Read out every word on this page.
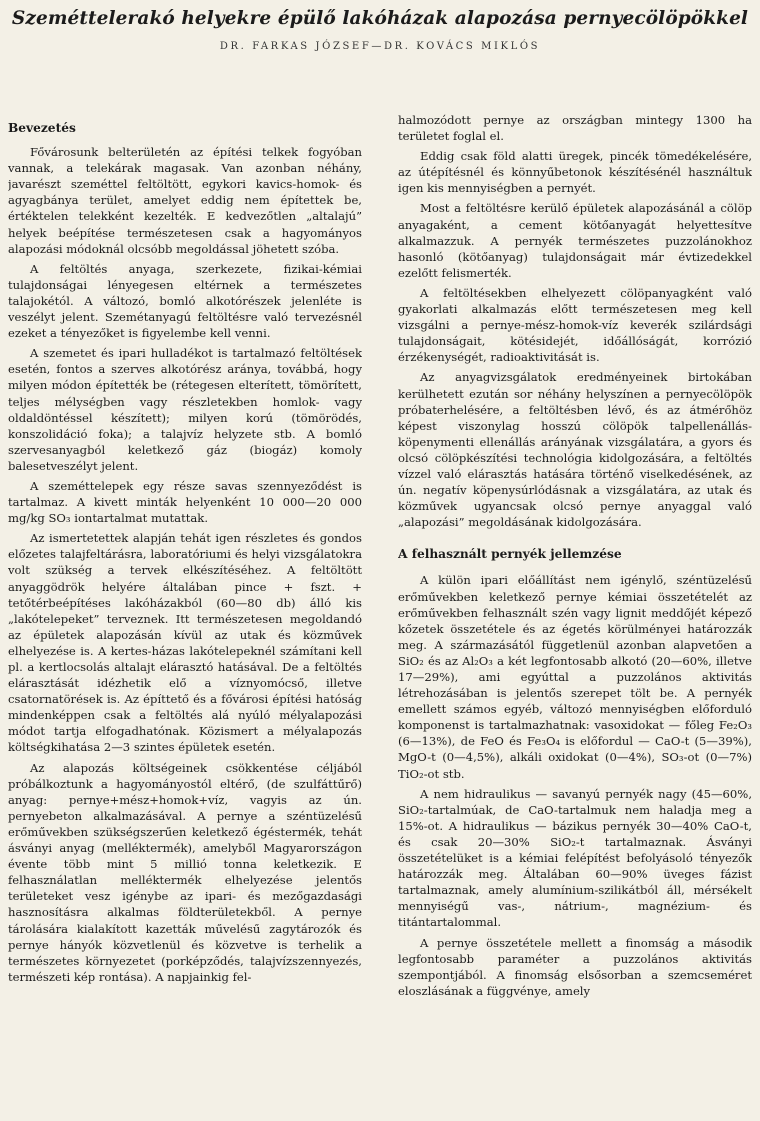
Szeméttelerakó helyekre épülő lakóházak alapozása pernyecölöpökkel
DR. FARKAS JÓZSEF—DR. KOVÁCS MIKLÓS
Bevezetés

Fővárosunk belterületén az építési telkek fogyóban vannak, a telekárak magasak. Van azonban néhány, javarészt szeméttel feltöltött, egykori kavics-homok- és agyagbánya terület, amelyet eddig nem építettek be, értéktelen telekként kezelték. E kedvezőtlen „altalajú” helyek beépítése természetesen csak a hagyományos alapozási módoknál olcsóbb megoldással jöhetett szóba.

A feltöltés anyaga, szerkezete, fizikai-kémiai tulajdonságai lényegesen eltérnek a természetes talajokétól. A változó, bomló alkotórészek jelenléte is veszélyt jelent. Szemétanyagú feltöltésre való tervezésnél ezeket a tényezőket is figyelembe kell venni.

A szemetet és ipari hulladékot is tartalmazó feltöltések esetén, fontos a szerves alkotórész aránya, továbbá, hogy milyen módon építették be (rétegesen elterített, tömörített, teljes mélységben vagy részletekben homlok- vagy oldaldöntéssel készített); milyen korú (tömörödés, konszolidáció foka); a talajvíz helyzete stb. A bomló szervesanyagból keletkező gáz (biogáz) komoly balesetveszélyt jelent.

A szeméttelepek egy része savas szennyeződést is tartalmaz. A kivett minták helyenként 10 000—20 000 mg/kg SO₃ iontartalmat mutattak.

Az ismertetettek alapján tehát igen részletes és gondos előzetes talajfeltárásra, laboratóriumi és helyi vizsgálatokra volt szükség a tervek elkészítéséhez. A feltöltött anyaggödrök helyére általában pince + fszt. + tetőtérbeépítéses lakóházakból (60—80 db) álló kis „lakótelepeket” terveznek. Itt természetesen megoldandó az épületek alapozásán kívül az utak és közművek elhelyezése is. A kertes-házas lakótelepeknél számítani kell pl. a kertlocsolás altalajt elárasztó hatásával. De a feltöltés elárasztását idézhetik elő a víznyomócső, illetve csatornatörések is. Az építtető és a fővárosi építési hatóság mindenképpen csak a feltöltés alá nyúló mélyalapozási módot tartja elfogadhatónak. Közismert a mélyalapozás költségkihatása 2—3 szintes épületek esetén.

Az alapozás költségeinek csökkentése céljából próbálkoztunk a hagyományostól eltérő, (de szulfáttűrő) anyag: pernye+mész+homok+víz, vagyis az ún. pernyebeton alkalmazásával. A pernye a széntüzelésű erőművekben szükségszerűen keletkező égéstermék, tehát ásványi anyag (melléktermék), amelyből Magyarországon évente több mint 5 millió tonna keletkezik. E felhasználatlan melléktermék elhelyezése jelentős területeket vesz igénybe az ipari- és mezőgazdasági hasznosításra alkalmas földterületekből. A pernye tárolására kialakított kazetták művelésű zagytározók és pernye hányók közvetlenül és közvetve is terhelik a természetes környezetet (porképződés, talajvízszennyezés, természeti kép rontása). A napjainkig fel-

halmozódott pernye az országban mintegy 1300 ha területet foglal el.

Eddig csak föld alatti üregek, pincék tömedékelésére, az útépítésnél és könnyűbetonok készítésénél használtuk igen kis mennyiségben a pernyét.

Most a feltöltésre kerülő épületek alapozásánál a cölöp anyagaként, a cement kötőanyagát helyettesítve alkalmazzuk. A pernyék természetes puzzolánokhoz hasonló (kötőanyag) tulajdonságait már évtizedekkel ezelőtt felismerték.

A feltöltésekben elhelyezett cölöpanyagként való gyakorlati alkalmazás előtt természetesen meg kell vizsgálni a pernye-mész-homok-víz keverék szilárdsági tulajdonságait, kötésidejét, időállóságát, korrózió érzékenységét, radioaktivitását is.

Az anyagvizsgálatok eredményeinek birtokában kerülhetett ezután sor néhány helyszínen a pernyecölöpök próbaterhelésére, a feltöltésben lévő, és az átmérőhöz képest viszonylag hosszú cölöpök talpellenállás-köpenymenti ellenállás arányának vizsgálatára, a gyors és olcsó cölöpkészítési technológia kidolgozására, a feltöltés vízzel való elárasztás hatására történő viselkedésének, az ún. negatív köpenysúrlódásnak a vizsgálatára, az utak és közművek ugyancsak olcsó pernye anyaggal való „alapozási” megoldásának kidolgozására.

A felhasznált pernyék jellemzése

A külön ipari előállítást nem igénylő, széntüzelésű erőművekben keletkező pernye kémiai összetételét az erőművekben felhasznált szén vagy lignit meddőjét képező kőzetek összetétele és az égetés körülményei határozzák meg. A származásától függetlenül azonban alapvetően a SiO₂ és az Al₂O₃ a két legfontosabb alkotó (20—60%, illetve 17—29%), ami egyúttal a puzzolános aktivitás létrehozásában is jelentős szerepet tölt be. A pernyék emellett számos egyéb, változó mennyiségben előforduló komponenst is tartalmazhatnak: vasoxidokat — főleg Fe₂O₃ (6—13%), de FeO és Fe₃O₄ is előfordul — CaO-t (5—39%), MgO-t (0—4,5%), alkáli oxidokat (0—4%), SO₃-ot (0—7%) TiO₂-ot stb.

A nem hidraulikus — savanyú pernyék nagy (45—60%, SiO₂-tartalmúak, de CaO-tartalmuk nem haladja meg a 15%-ot. A hidraulikus — bázikus pernyék 30—40% CaO-t, és csak 20—30% SiO₂-t tartalmaznak. Ásványi összetételüket is a kémiai felépítést befolyásoló tényezők határozzák meg. Általában 60—90% üveges fázist tartalmaznak, amely alumínium-szilikátból áll, mérsékelt mennyiségű vas-, nátrium-, magnézium- és titántartalommal.

A pernye összetétele mellett a finomság a második legfontosabb paraméter a puzzolános aktivitás szempontjából. A finomság elsősorban a szemcseméret eloszlásának a függvénye, amely
